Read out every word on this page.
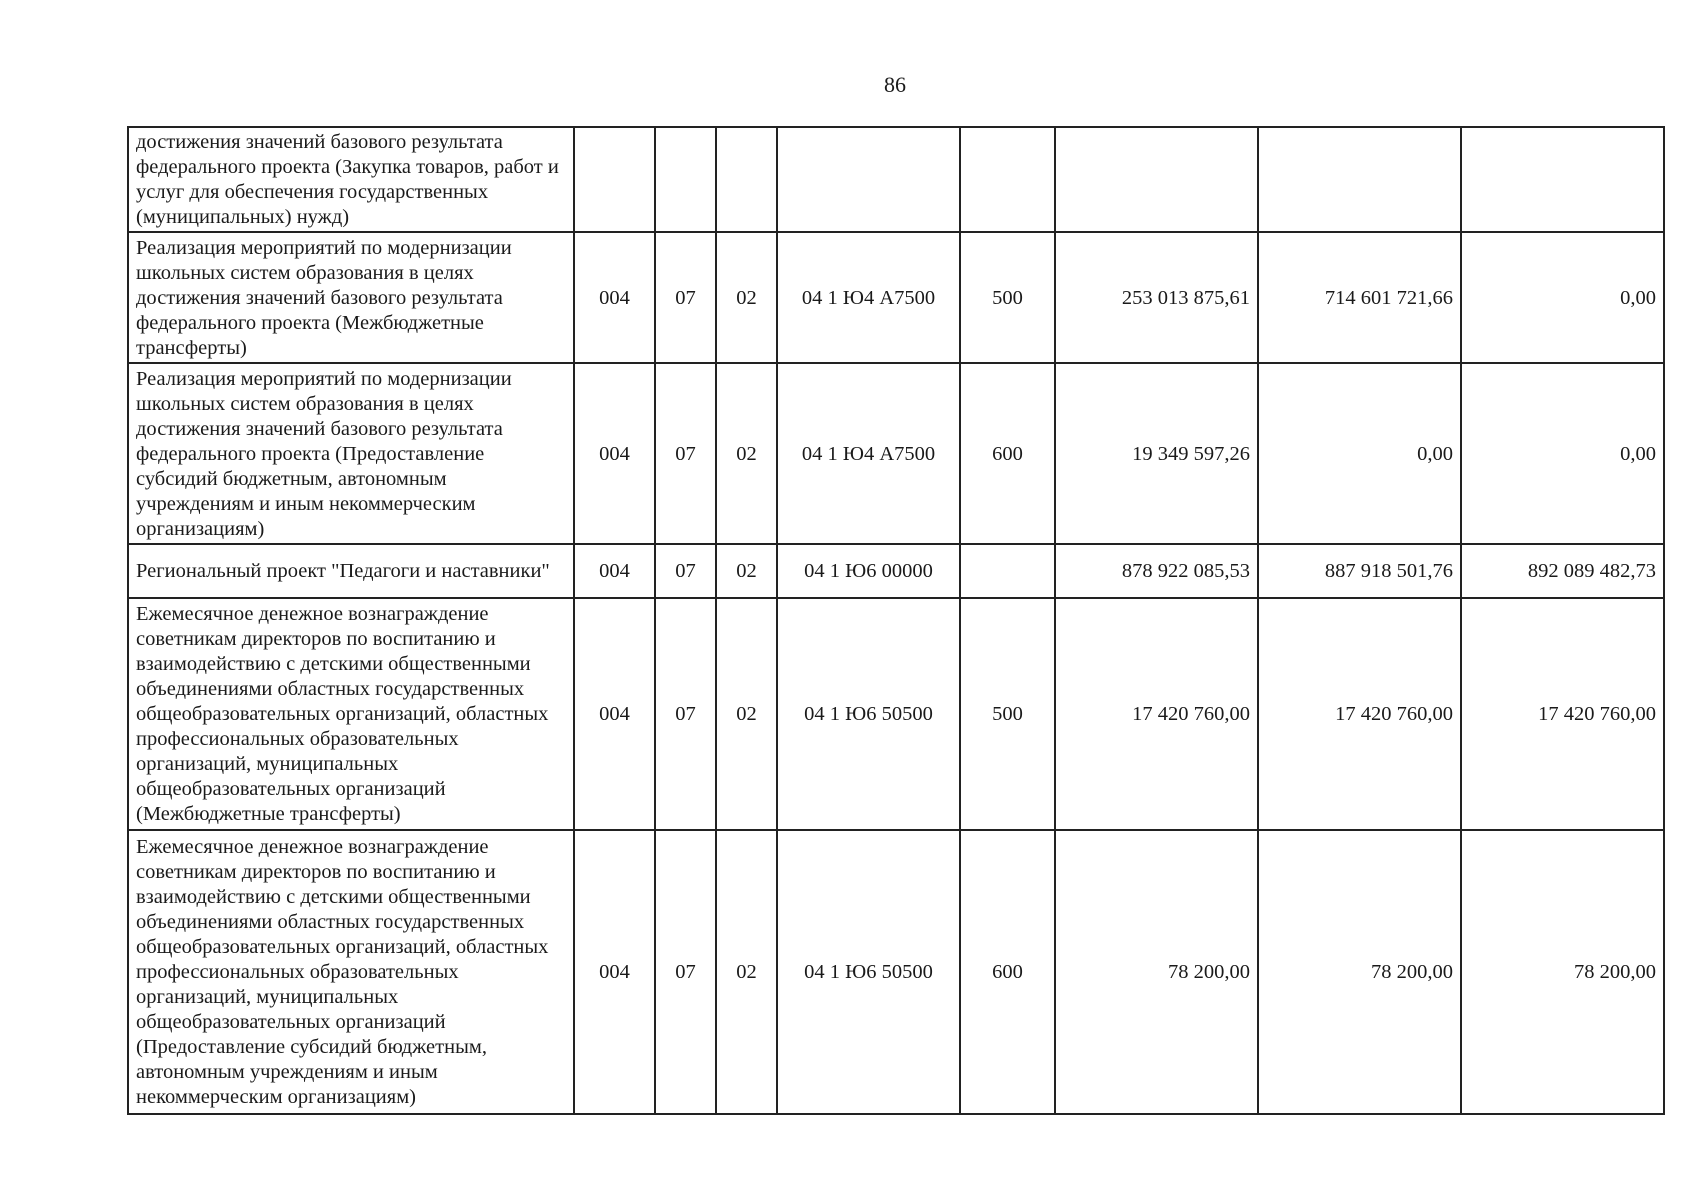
86
достижения значений базового результата федерального проекта (Закупка товаров, работ и услуг для обеспечения государственных (муниципальных) нужд)								
Реализация мероприятий по модернизации школьных систем образования в целях достижения значений базового результата федерального проекта (Межбюджетные трансферты)	004	07	02	04 1 Ю4 А7500	500	253 013 875,61	714 601 721,66	0,00
Реализация мероприятий по модернизации школьных систем образования в целях достижения значений базового результата федерального проекта (Предоставление субсидий бюджетным, автономным учреждениям и иным некоммерческим организациям)	004	07	02	04 1 Ю4 А7500	600	19 349 597,26	0,00	0,00
Региональный проект "Педагоги и наставники"	004	07	02	04 1 Ю6 00000		878 922 085,53	887 918 501,76	892 089 482,73
Ежемесячное денежное вознаграждение советникам директоров по воспитанию и взаимодействию с детскими общественными объединениями областных государственных общеобразовательных организаций, областных профессиональных образовательных организаций, муниципальных общеобразовательных организаций (Межбюджетные трансферты)	004	07	02	04 1 Ю6 50500	500	17 420 760,00	17 420 760,00	17 420 760,00
Ежемесячное денежное вознаграждение советникам директоров по воспитанию и взаимодействию с детскими общественными объединениями областных государственных общеобразовательных организаций, областных профессиональных образовательных организаций, муниципальных общеобразовательных организаций (Предоставление субсидий бюджетным, автономным учреждениям и иным некоммерческим организациям)	004	07	02	04 1 Ю6 50500	600	78 200,00	78 200,00	78 200,00
